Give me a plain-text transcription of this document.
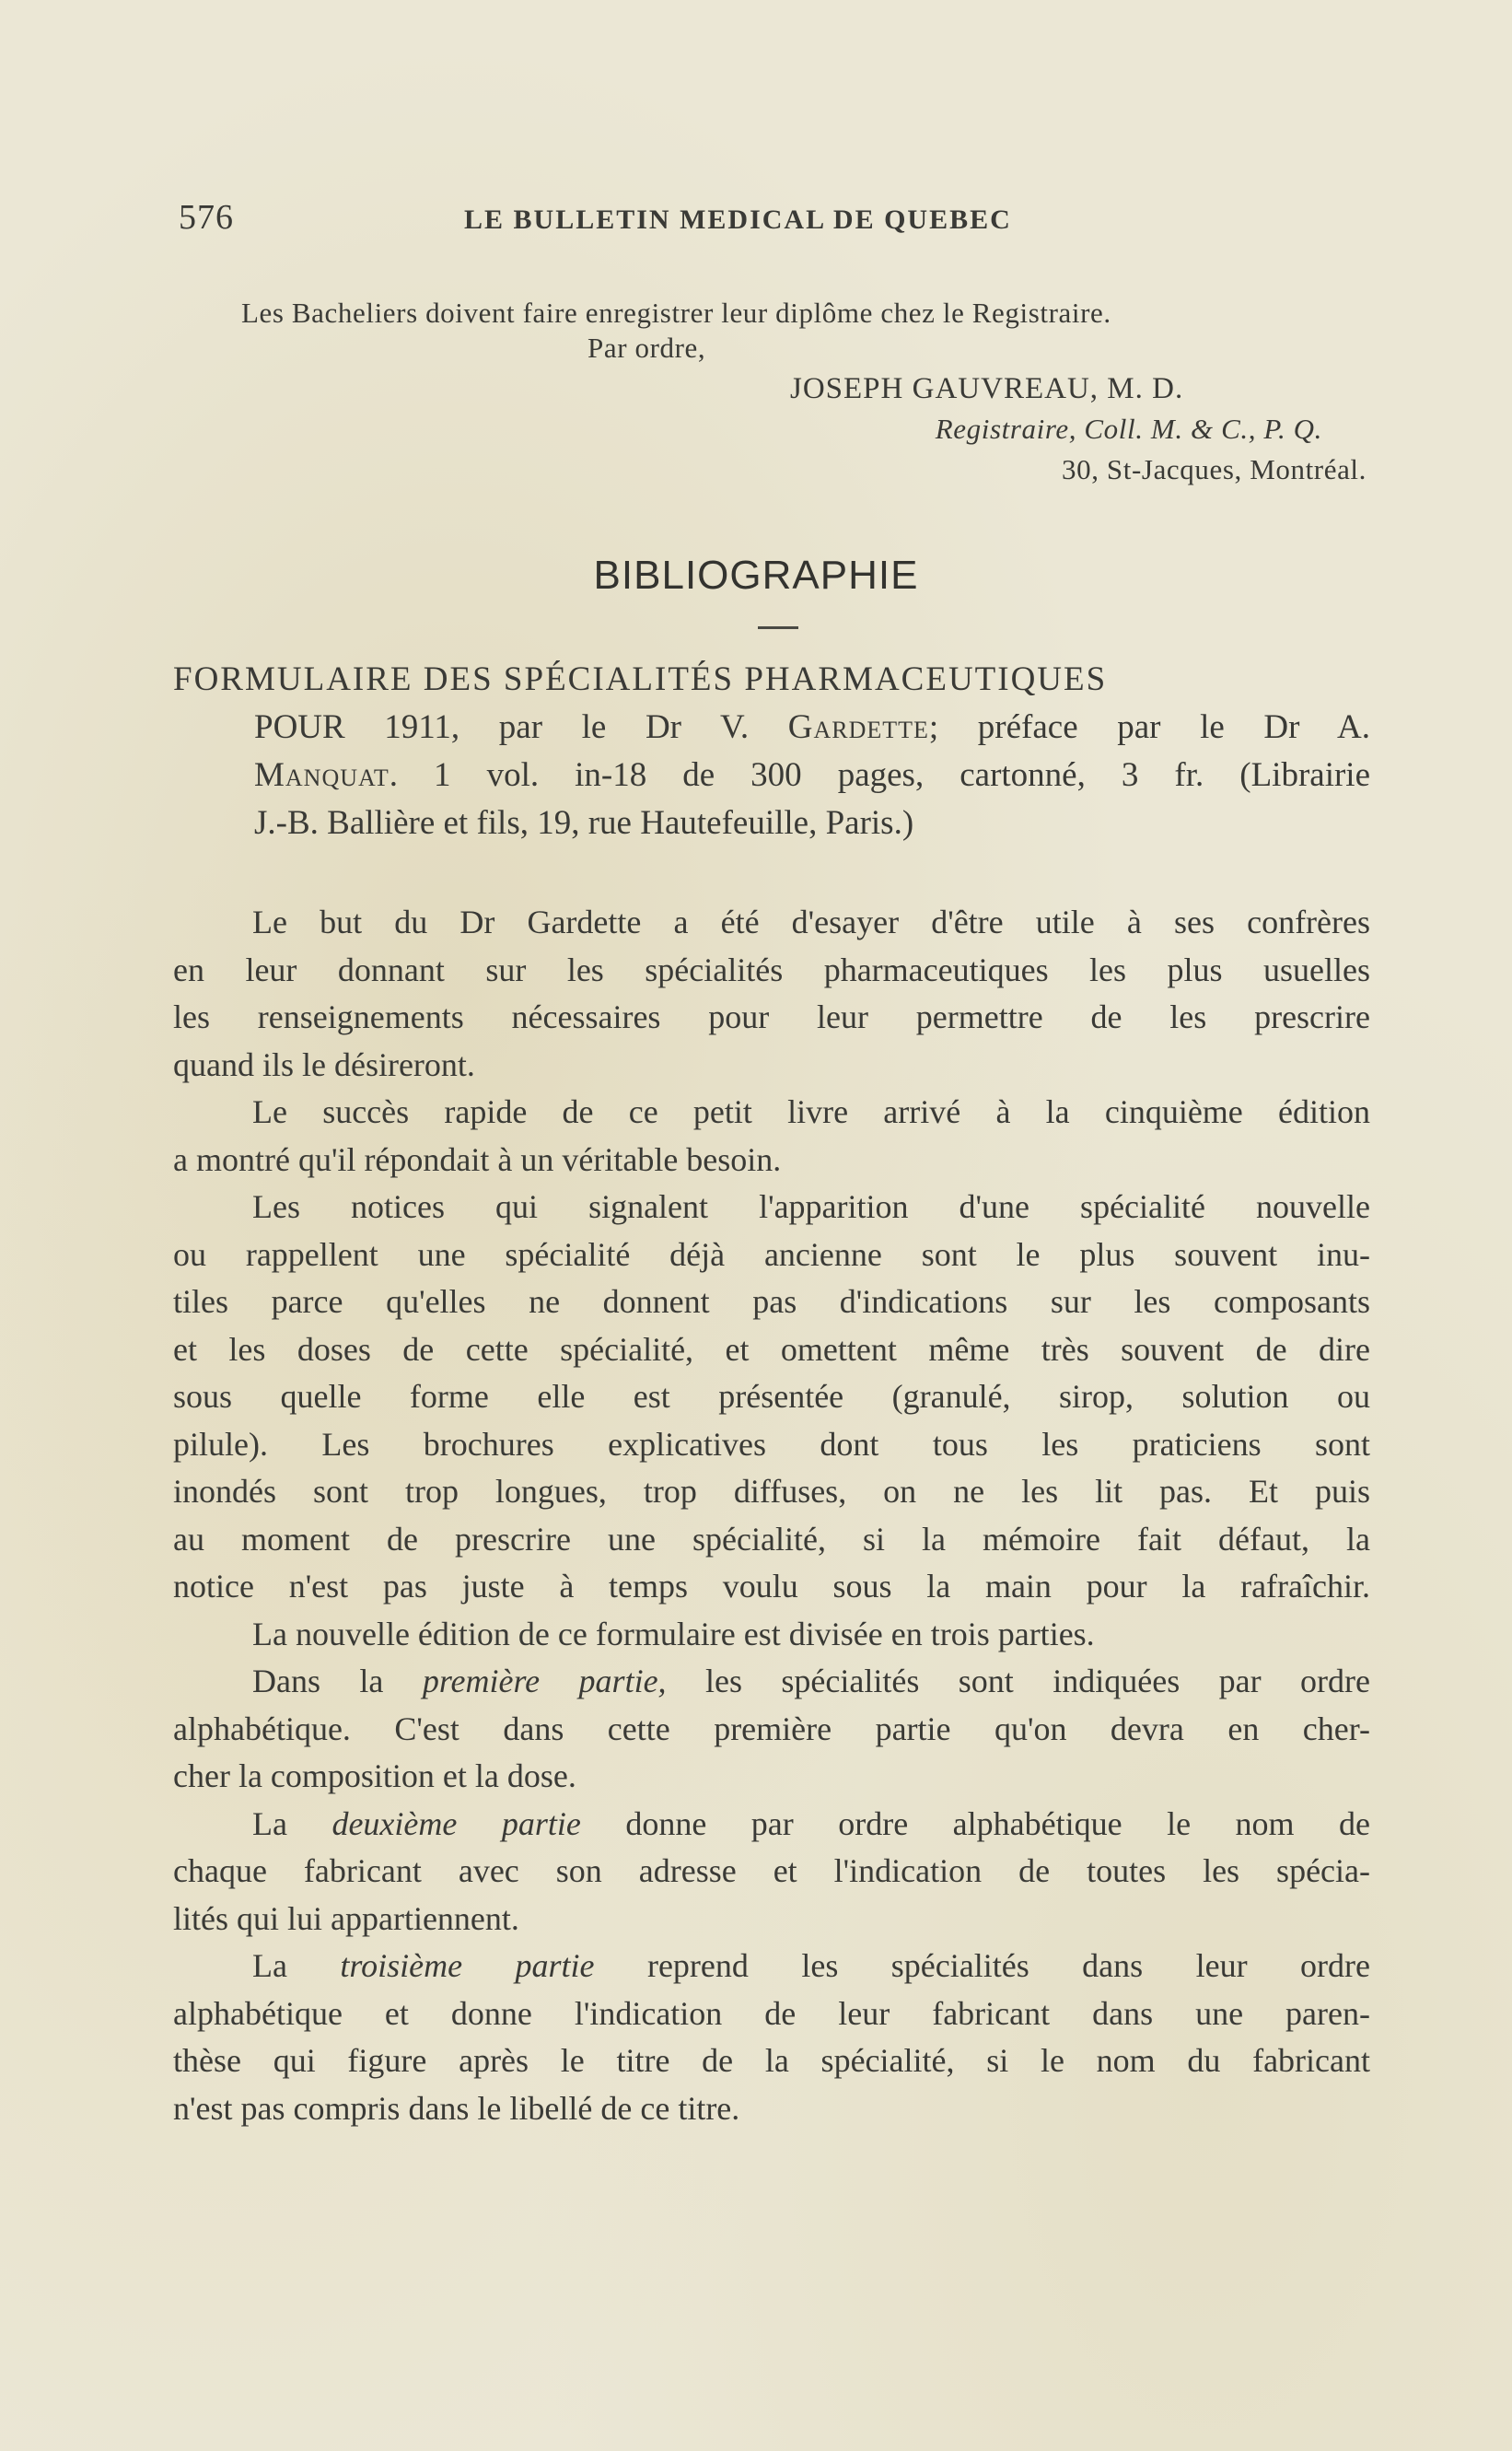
576	LE BULLETIN MEDICAL DE QUEBEC
Les Bacheliers doivent faire enregistrer leur diplôme chez le Registraire.
Par ordre,
JOSEPH GAUVREAU, M. D.
Registraire, Coll. M. & C., P. Q.
30, St-Jacques, Montréal.
BIBLIOGRAPHIE
FORMULAIRE DES SPÉCIALITÉS PHARMACEUTIQUES
POUR 1911, par le Dr V. Gardette; préface par le Dr A.
Manquat. 1 vol. in-18 de 300 pages, cartonné, 3 fr. (Librairie
J.-B. Ballière et fils, 19, rue Hautefeuille, Paris.)

Le but du Dr Gardette a été d'esayer d'être utile à ses confrères
en leur donnant sur les spécialités pharmaceutiques les plus usuelles
les renseignements nécessaires pour leur permettre de les prescrire
quand ils le désireront.

Le succès rapide de ce petit livre arrivé à la cinquième édition
a montré qu'il répondait à un véritable besoin.

Les notices qui signalent l'apparition d'une spécialité nouvelle
ou rappellent une spécialité déjà ancienne sont le plus souvent inu-
tiles parce qu'elles ne donnent pas d'indications sur les composants
et les doses de cette spécialité, et omettent même très souvent de dire
sous quelle forme elle est présentée (granulé, sirop, solution ou
pilule). Les brochures explicatives dont tous les praticiens sont
inondés sont trop longues, trop diffuses, on ne les lit pas. Et puis
au moment de prescrire une spécialité, si la mémoire fait défaut, la
notice n'est pas juste à temps voulu sous la main pour la rafraîchir.

La nouvelle édition de ce formulaire est divisée en trois parties.

Dans la première partie, les spécialités sont indiquées par ordre
alphabétique. C'est dans cette première partie qu'on devra en cher-
cher la composition et la dose.

La deuxième partie donne par ordre alphabétique le nom de
chaque fabricant avec son adresse et l'indication de toutes les spécia-
lités qui lui appartiennent.

La troisième partie reprend les spécialités dans leur ordre
alphabétique et donne l'indication de leur fabricant dans une paren-
thèse qui figure après le titre de la spécialité, si le nom du fabricant
n'est pas compris dans le libellé de ce titre.
